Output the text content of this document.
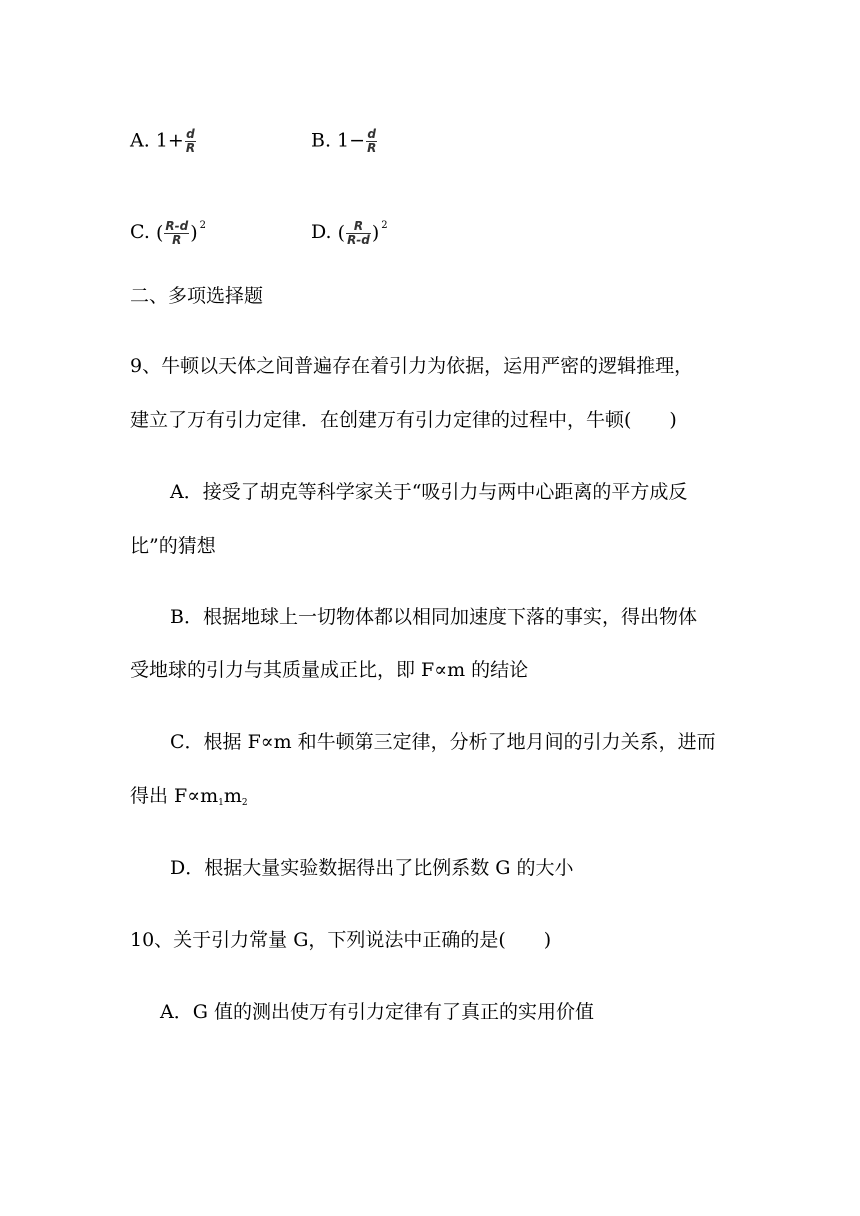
A. $1+ \frac{d}{R}$	B. $1- \frac{d}{R}$
C. ( $\frac{R-d}{R}$ ) $^2$	D. ( $\frac{R}{R-d}$ ) $^2$
二、多项选择题
9、牛顿以天体之间普遍存在着引力为依据，运用严密的逻辑推理，
建立了万有引力定律．在创建万有引力定律的过程中，牛顿(　　)
A．接受了胡克等科学家关于“吸引力与两中心距离的平方成反
比”的猜想
B．根据地球上一切物体都以相同加速度下落的事实，得出物体
受地球的引力与其质量成正比，即 F∝m 的结论
C．根据 F∝m 和牛顿第三定律，分析了地月间的引力关系，进而
得出 $F\propto m_1m_2$
D．根据大量实验数据得出了比例系数 G 的大小
10、关于引力常量 G，下列说法中正确的是(　　)
A．G 值的测出使万有引力定律有了真正的实用价值
